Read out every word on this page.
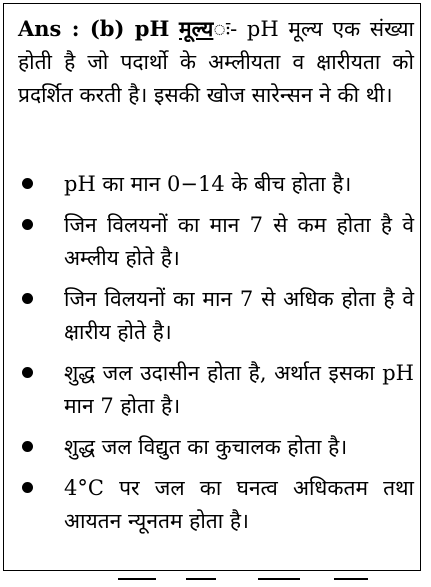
Ans : (b) pH मूल्यः- pH मूल्य एक संख्या होती है जो पदार्थो के अम्लीयता व क्षारीयता को प्रदर्शित करती है। इसकी खोज सारेन्सन ने की थी।
pH का मान 0−14 के बीच होता है।
जिन विलयनों का मान 7 से कम होता है वे अम्लीय होते है।
जिन विलयनों का मान 7 से अधिक होता है वे क्षारीय होते है।
शुद्ध जल उदासीन होता है, अर्थात इसका pH मान 7 होता है।
शुद्ध जल विद्युत का कुचालक होता है।
4°C पर जल का घनत्व अधिकतम तथा आयतन न्यूनतम होता है।
